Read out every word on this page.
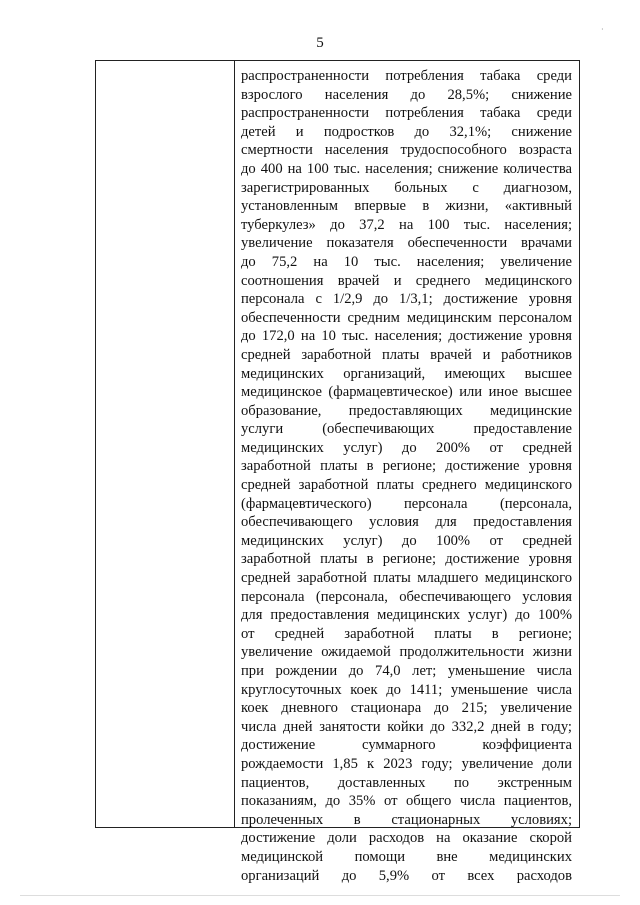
5
·
распространенности потребления табака среди
взрослого населения до 28,5%; снижение
распространенности потребления табака среди
детей и подростков до 32,1%; снижение
смертности населения трудоспособного возраста
до 400 на 100 тыс. населения; снижение количества
зарегистрированных больных с диагнозом,
установленным впервые в жизни, «активный
туберкулез» до 37,2 на 100 тыс. населения;
увеличение показателя обеспеченности врачами
до 75,2 на 10 тыс. населения; увеличение
соотношения врачей и среднего медицинского
персонала с 1/2,9 до 1/3,1; достижение уровня
обеспеченности средним медицинским персоналом
до 172,0 на 10 тыс. населения; достижение уровня
средней заработной платы врачей и работников
медицинских организаций, имеющих высшее
медицинское (фармацевтическое) или иное высшее
образование, предоставляющих медицинские
услуги (обеспечивающих предоставление
медицинских услуг) до 200% от средней
заработной платы в регионе; достижение уровня
средней заработной платы среднего медицинского
(фармацевтического) персонала (персонала,
обеспечивающего условия для предоставления
медицинских услуг) до 100% от средней
заработной платы в регионе; достижение уровня
средней заработной платы младшего медицинского
персонала (персонала, обеспечивающего условия
для предоставления медицинских услуг) до 100%
от средней заработной платы в регионе;
увеличение ожидаемой продолжительности жизни
при рождении до 74,0 лет; уменьшение числа
круглосуточных коек до 1411; уменьшение числа
коек дневного стационара до 215; увеличение
числа дней занятости койки до 332,2 дней в году;
достижение суммарного коэффициента
рождаемости 1,85 к 2023 году; увеличение доли
пациентов, доставленных по экстренным
показаниям, до 35% от общего числа пациентов,
пролеченных в стационарных условиях;
достижение доли расходов на оказание скорой
медицинской помощи вне медицинских
организаций до 5,9% от всех расходов
